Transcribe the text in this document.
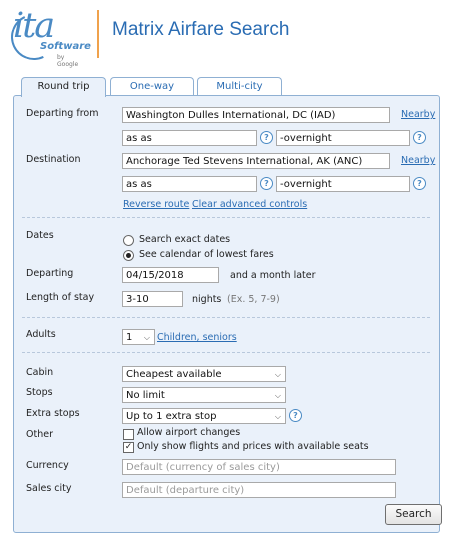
ita
Software
by Google
Matrix Airfare Search
Round trip	One-way	Multi-city
Departing from	Washington Dulles International, DC (IAD)	Nearby
as as	?	-overnight	?
Destination	Anchorage Ted Stevens International, AK (ANC)	Nearby
as as	?	-overnight	?
Reverse route Clear advanced controls
Dates	Search exact dates
See calendar of lowest fares
Departing	04/15/2018	and a month later
Length of stay	3-10	nights (Ex. 5, 7-9)
Adults	1 ⌵ Children, seniors
Cabin	Cheapest available	⌵
Stops	No limit	⌵
Extra stops	Up to 1 extra stop	⌵	?
Other	Allow airport changes
✓ Only show flights and prices with available seats
Currency	Default (currency of sales city)
Sales city	Default (departure city)
Search
